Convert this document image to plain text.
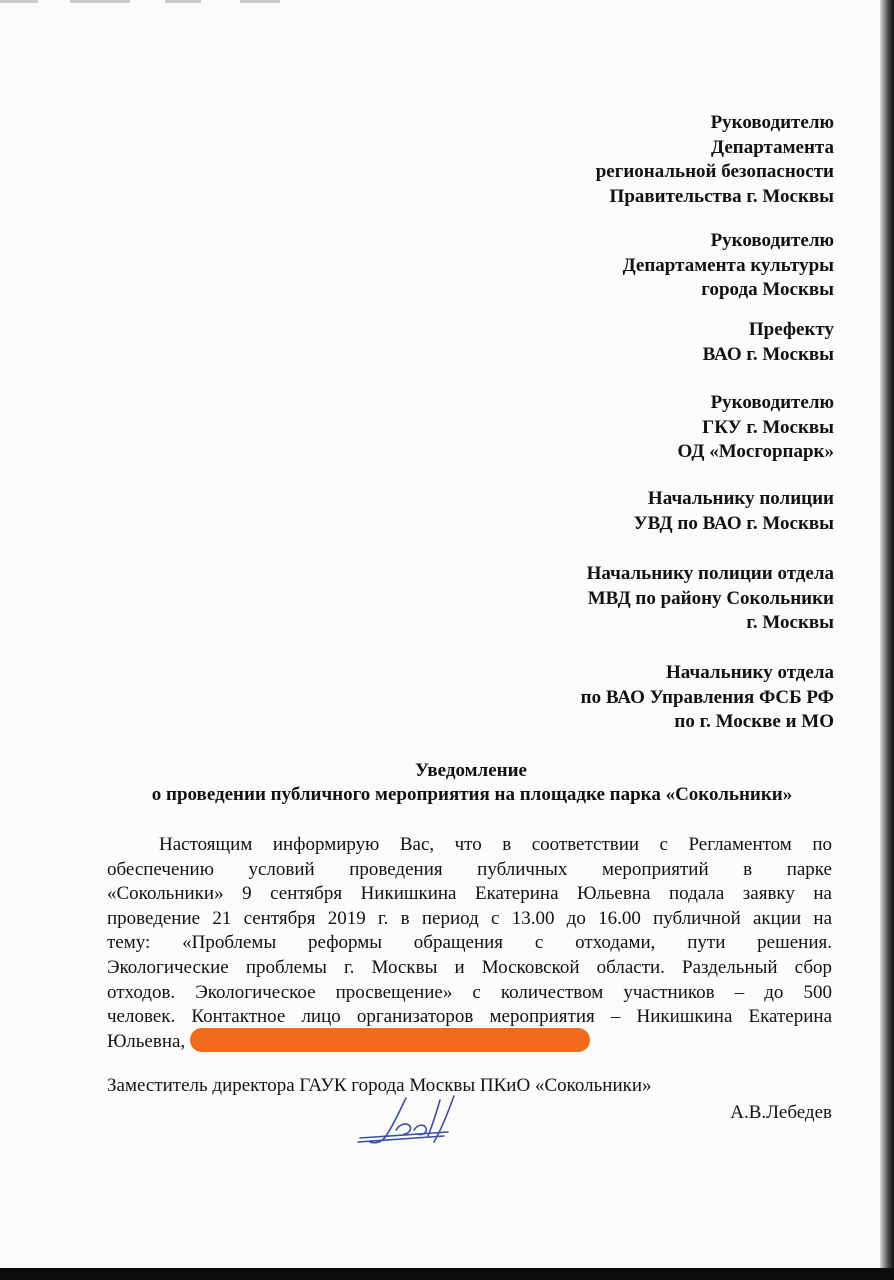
Руководителю
Департамента
региональной безопасности
Правительства г. Москвы
Руководителю
Департамента культуры
города Москвы
Префекту
ВАО г. Москвы
Руководителю
ГКУ г. Москвы
ОД «Мосгорпарк»
Начальнику полиции
УВД по ВАО г. Москвы
Начальнику полиции отдела
МВД по району Сокольники
г. Москвы
Начальнику отдела
по ВАО Управления ФСБ РФ
по г. Москве и МО
Уведомление
о проведении публичного мероприятия на площадке парка «Сокольники»
Настоящим информирую Вас, что в соответствии с Регламентом по
обеспечению условий проведения публичных мероприятий в парке
«Сокольники» 9 сентября Никишкина Екатерина Юльевна подала заявку на
проведение 21 сентября 2019 г. в период с 13.00 до 16.00 публичной акции на
тему: «Проблемы реформы обращения с отходами, пути решения.
Экологические проблемы г. Москвы и Московской области. Раздельный сбор
отходов. Экологическое просвещение» с количеством участников – до 500
человек. Контактное лицо организаторов мероприятия – Никишкина Екатерина
Юльевна,
Заместитель директора ГАУК города Москвы ПКиО «Сокольники»
А.В.Лебедев
